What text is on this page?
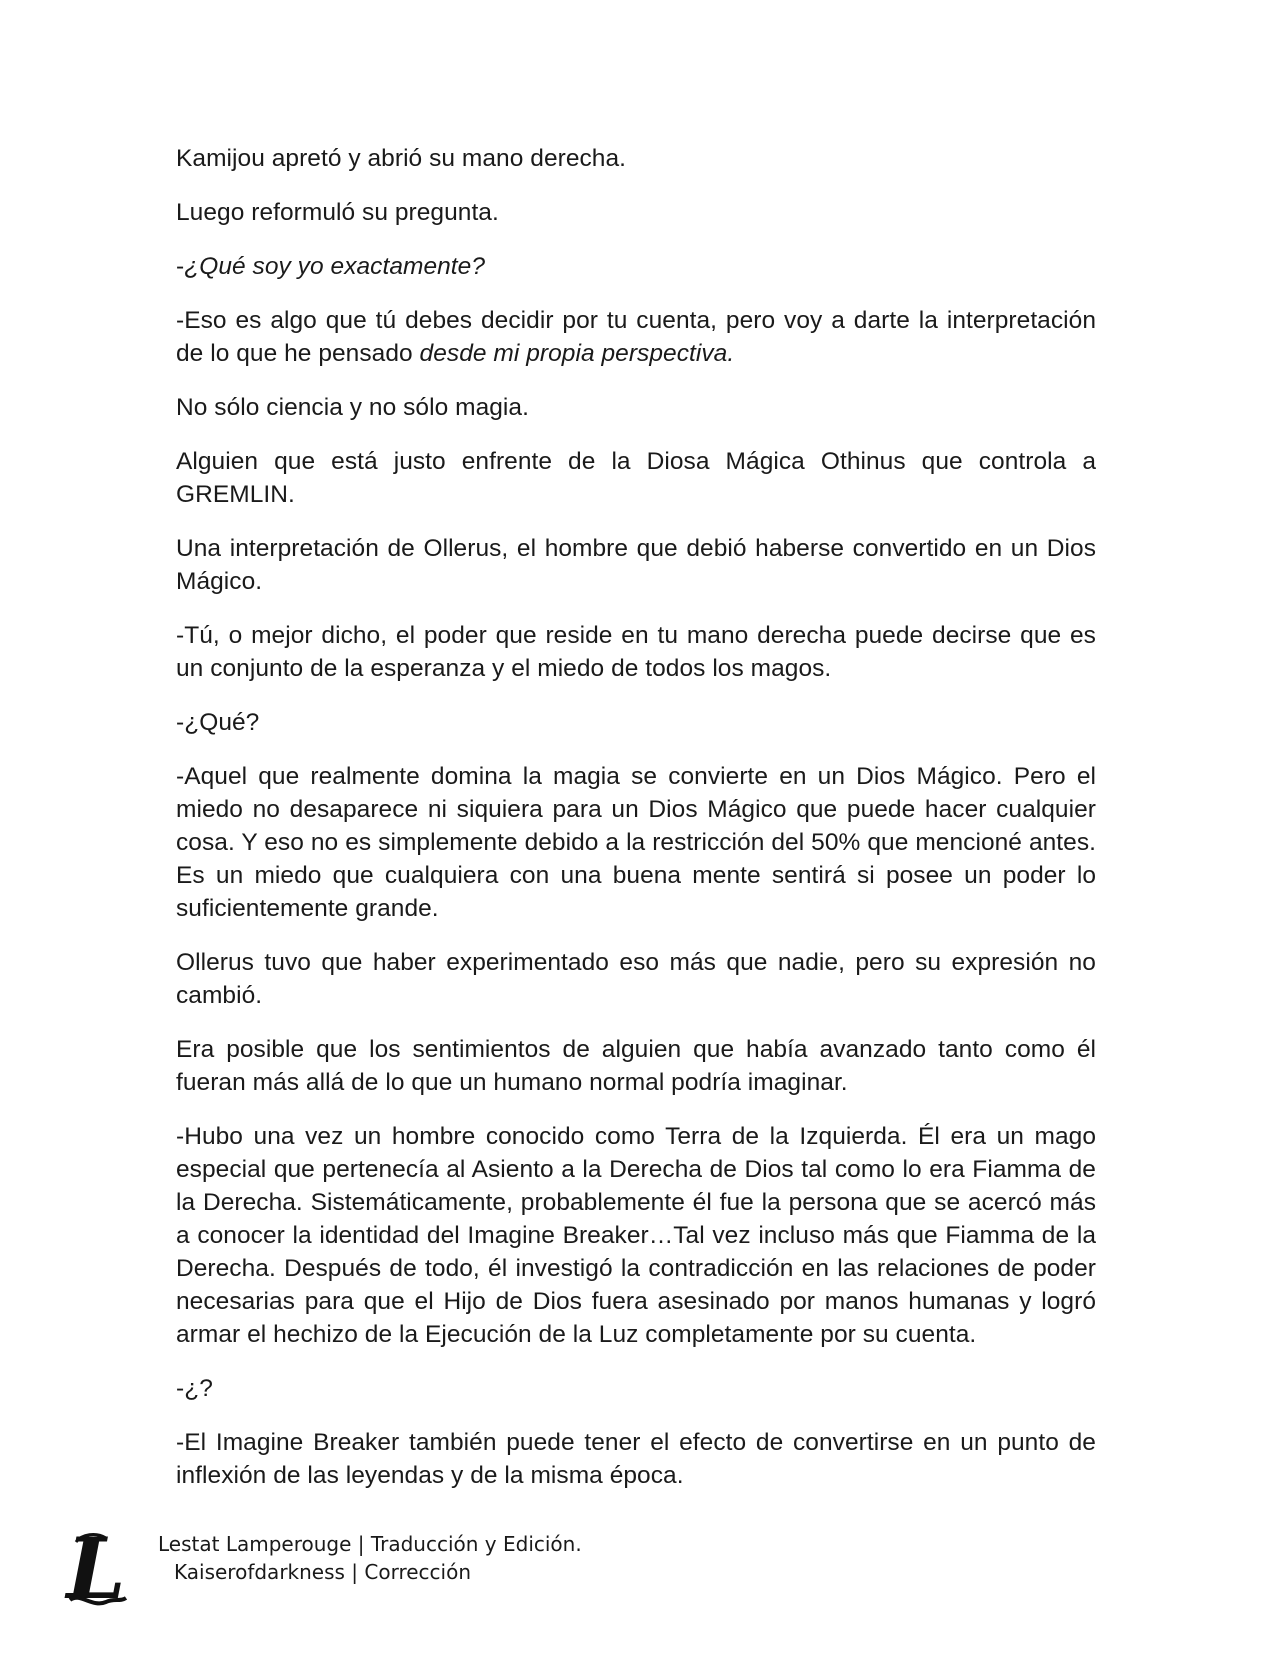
Kamijou apretó y abrió su mano derecha.

Luego reformuló su pregunta.

-¿Qué soy yo exactamente?

-Eso es algo que tú debes decidir por tu cuenta, pero voy a darte la interpretación de lo que he pensado desde mi propia perspectiva.

No sólo ciencia y no sólo magia.

Alguien que está justo enfrente de la Diosa Mágica Othinus que controla a GREMLIN.

Una interpretación de Ollerus, el hombre que debió haberse convertido en un Dios Mágico.

-Tú, o mejor dicho, el poder que reside en tu mano derecha puede decirse que es un conjunto de la esperanza y el miedo de todos los magos.

-¿Qué?

-Aquel que realmente domina la magia se convierte en un Dios Mágico. Pero el miedo no desaparece ni siquiera para un Dios Mágico que puede hacer cualquier cosa. Y eso no es simplemente debido a la restricción del 50% que mencioné antes. Es un miedo que cualquiera con una buena mente sentirá si posee un poder lo suficientemente grande.

Ollerus tuvo que haber experimentado eso más que nadie, pero su expresión no cambió.

Era posible que los sentimientos de alguien que había avanzado tanto como él fueran más allá de lo que un humano normal podría imaginar.

-Hubo una vez un hombre conocido como Terra de la Izquierda. Él era un mago especial que pertenecía al Asiento a la Derecha de Dios tal como lo era Fiamma de la Derecha. Sistemáticamente, probablemente él fue la persona que se acercó más a conocer la identidad del Imagine Breaker…Tal vez incluso más que Fiamma de la Derecha. Después de todo, él investigó la contradicción en las relaciones de poder necesarias para que el Hijo de Dios fuera asesinado por manos humanas y logró armar el hechizo de la Ejecución de la Luz completamente por su cuenta.

-¿?

-El Imagine Breaker también puede tener el efecto de convertirse en un punto de inflexión de las leyendas y de la misma época.

L Lestat Lamperouge | Traducción y Edición.
Kaiserofdarkness | Corrección
